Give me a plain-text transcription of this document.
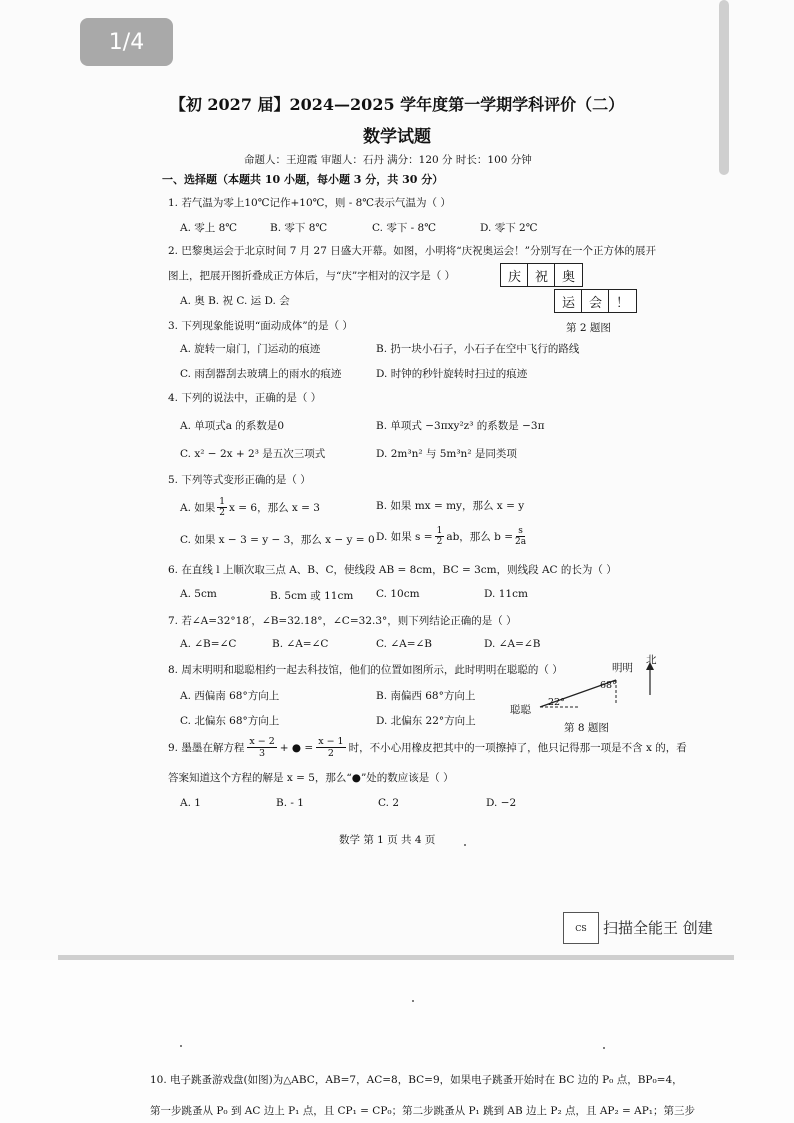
1/4
【初 2027 届】2024—2025 学年度第一学期学科评价（二）
数学试题
命题人：王迎霞 审题人：石丹 满分：120 分 时长：100 分钟
一、选择题（本题共 10 小题，每小题 3 分，共 30 分）
1. 若气温为零上10℃记作+10℃，则 - 8℃表示气温为（ ）
A. 零上 8℃	B. 零下 8℃	C. 零下 - 8℃	D. 零下 2℃
2. 巴黎奥运会于北京时间 7 月 27 日盛大开幕。如图，小明将“庆祝奥运会！”分别写在一个正方体的展开
图上，把展开图折叠成正方体后，与“庆”字相对的汉字是（ ）
A. 奥 B. 祝 C. 运 D. 会
庆	祝	奥
运	会	！
第 2 题图
3. 下列现象能说明“面动成体”的是（ ）
A. 旋转一扇门，门运动的痕迹	B. 扔一块小石子，小石子在空中飞行的路线
C. 雨刮器刮去玻璃上的雨水的痕迹	D. 时钟的秒针旋转时扫过的痕迹
4. 下列的说法中，正确的是（ ）
A. 单项式a 的系数是0	B. 单项式 −3πxy²z³ 的系数是 −3π
C. x² − 2x + 2³ 是五次三项式	D. 2m³n² 与 5m³n² 是同类项
5. 下列等式变形正确的是（ ）
A. 如果 $\frac{1}{2}$ x = 6，那么 x = 3	B. 如果 mx = my，那么 x = y
C. 如果 x − 3 = y − 3，那么 x − y = 0 D. 如果 $s = \frac{1}{2}$ ab，那么 $b = \frac{s}{2a}$
6. 在直线 l 上顺次取三点 A、B、C，使线段 AB = 8cm，BC = 3cm，则线段 AC 的长为（ ）
A. 5cm	B. 5cm 或 11cm C. 10cm	D. 11cm
7. 若∠A=32°18′，∠B=32.18°，∠C=32.3°，则下列结论正确的是（ ）
A. ∠B=∠C	B. ∠A=∠C	C. ∠A=∠B	D. ∠A=∠B
8. 周末明明和聪聪相约一起去科技馆，他们的位置如图所示，此时明明在聪聪的（ ）
A. 西偏南 68°方向上	B. 南偏西 68°方向上
C. 北偏东 68°方向上	D. 北偏东 22°方向上
北
明明
68°
聪聪
22°
第 8 题图
9. 墨墨在解方程 $\frac{x - 2}{3}$ + ● = $\frac{x - 1}{2}$ 时，不小心用橡皮把其中的一项擦掉了，他只记得那一项是不含 x 的，看
答案知道这个方程的解是 x = 5，那么“●”处的数应该是（ ）
A. 1	B. - 1	C. 2	D. −2
数学 第 1 页 共 4 页
CS 扫描全能王 创建
10. 电子跳蚤游戏盘(如图)为△ABC，AB=7，AC=8，BC=9，如果电子跳蚤开始时在 BC 边的 P₀ 点，BP₀=4，
第一步跳蚤从 P₀ 到 AC 边上 P₁ 点，且 CP₁ = CP₀；第二步跳蚤从 P₁ 跳到 AB 边上 P₂ 点，且 AP₂ = AP₁；第三步
